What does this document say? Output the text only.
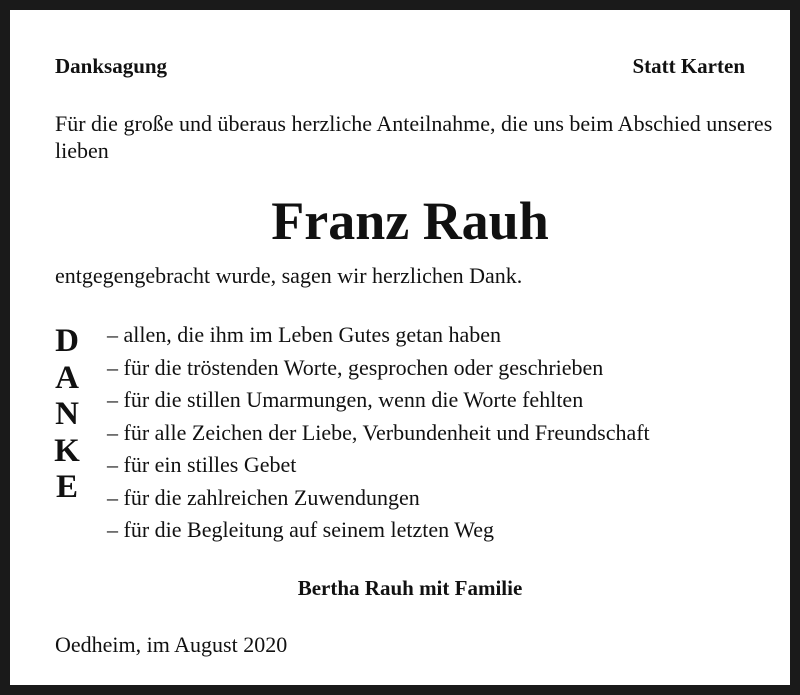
Danksagung	Statt Karten
Für die große und überaus herzliche Anteilnahme, die uns beim Abschied unseres lieben
Franz Rauh
entgegengebracht wurde, sagen wir herzlichen Dank.
D
A
N
K
E
– allen, die ihm im Leben Gutes getan haben
– für die tröstenden Worte, gesprochen oder geschrieben
– für die stillen Umarmungen, wenn die Worte fehlten
– für alle Zeichen der Liebe, Verbundenheit und Freundschaft
– für ein stilles Gebet
– für die zahlreichen Zuwendungen
– für die Begleitung auf seinem letzten Weg
Bertha Rauh mit Familie
Oedheim, im August 2020
